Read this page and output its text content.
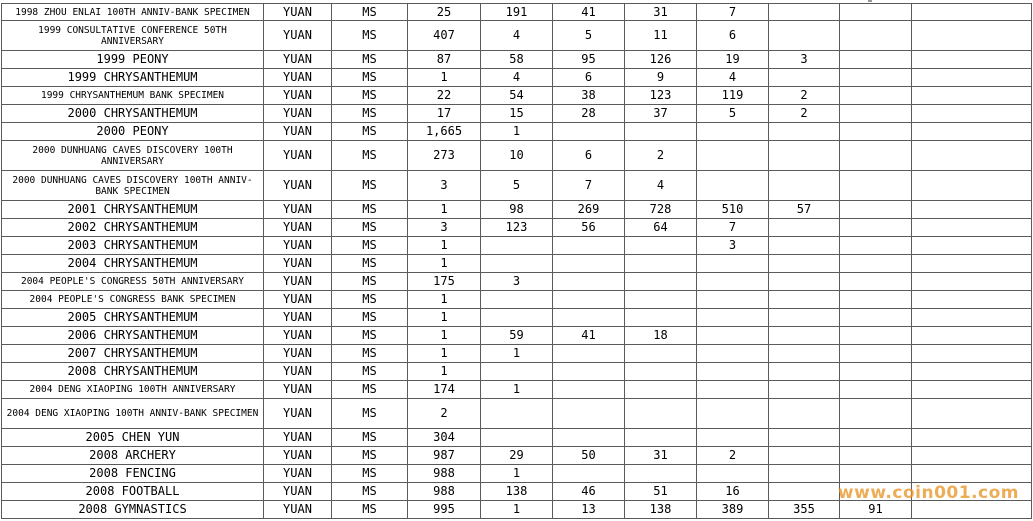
1998 ZHOU ENLAI 100TH ANNIV-BANK SPECIMEN	YUAN	MS	25	191	41	31	7			
1999 CONSULTATIVE CONFERENCE 50TH ANNIVERSARY	YUAN	MS	407	4	5	11	6			
1999 PEONY	YUAN	MS	87	58	95	126	19	3		
1999 CHRYSANTHEMUM	YUAN	MS	1	4	6	9	4			
1999 CHRYSANTHEMUM BANK SPECIMEN	YUAN	MS	22	54	38	123	119	2		
2000 CHRYSANTHEMUM	YUAN	MS	17	15	28	37	5	2		
2000 PEONY	YUAN	MS	1,665	1						
2000 DUNHUANG CAVES DISCOVERY 100TH ANNIVERSARY	YUAN	MS	273	10	6	2				
2000 DUNHUANG CAVES DISCOVERY 100TH ANNIV-BANK SPECIMEN	YUAN	MS	3	5	7	4				
2001 CHRYSANTHEMUM	YUAN	MS	1	98	269	728	510	57		
2002 CHRYSANTHEMUM	YUAN	MS	3	123	56	64	7			
2003 CHRYSANTHEMUM	YUAN	MS	1				3			
2004 CHRYSANTHEMUM	YUAN	MS	1							
2004 PEOPLE'S CONGRESS 50TH ANNIVERSARY	YUAN	MS	175	3						
2004 PEOPLE'S CONGRESS BANK SPECIMEN	YUAN	MS	1							
2005 CHRYSANTHEMUM	YUAN	MS	1							
2006 CHRYSANTHEMUM	YUAN	MS	1	59	41	18				
2007 CHRYSANTHEMUM	YUAN	MS	1	1						
2008 CHRYSANTHEMUM	YUAN	MS	1							
2004 DENG XIAOPING 100TH ANNIVERSARY	YUAN	MS	174	1						
2004 DENG XIAOPING 100TH ANNIV-BANK SPECIMEN	YUAN	MS	2							
2005 CHEN YUN	YUAN	MS	304							
2008 ARCHERY	YUAN	MS	987	29	50	31	2			
2008 FENCING	YUAN	MS	988	1						
2008 FOOTBALL	YUAN	MS	988	138	46	51	16			
2008 GYMNASTICS	YUAN	MS	995	1	13	138	389	355	91	
www.coin001.com
